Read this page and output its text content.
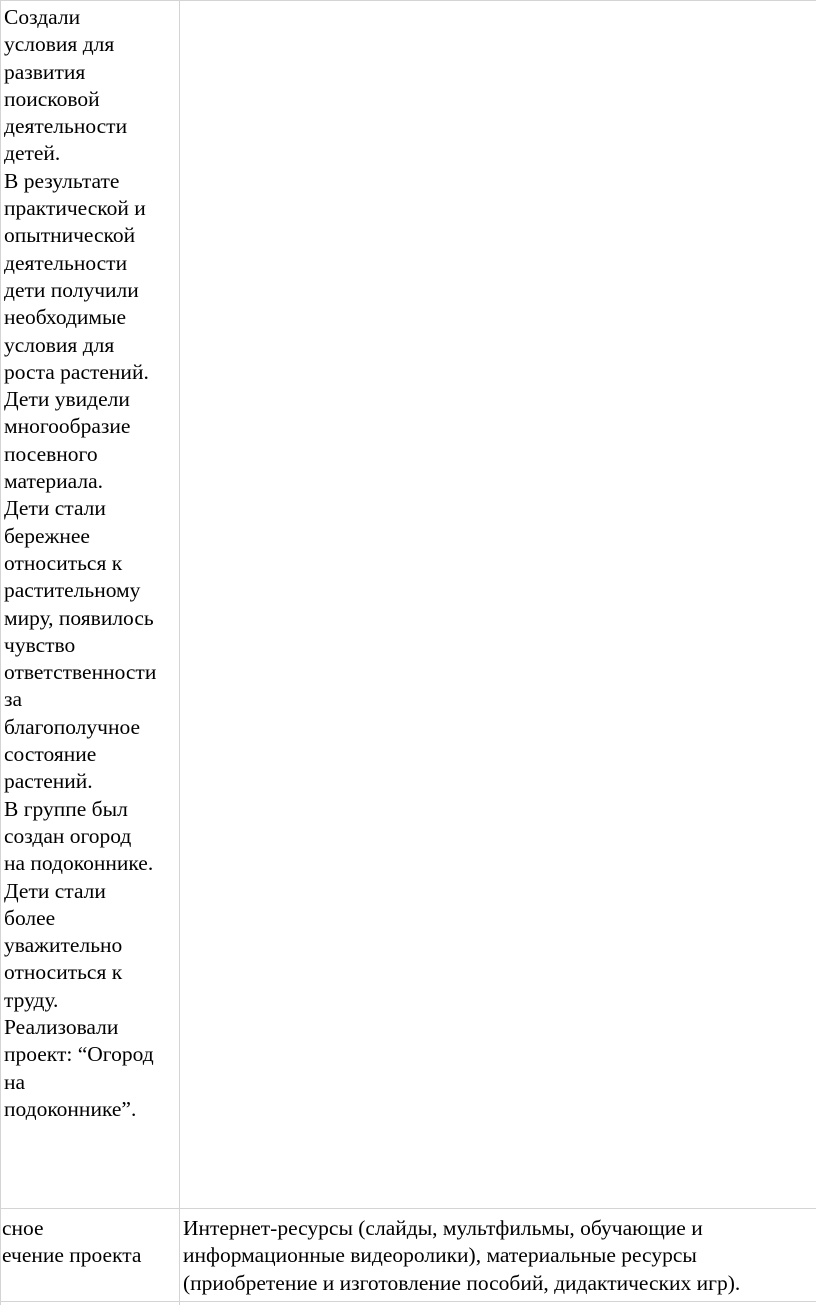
Создали
условия для
развития
поисковой
деятельности
детей.
В результате
практической и
опытнической
деятельности
дети получили
необходимые
условия для
роста растений.
Дети увидели
многообразие
посевного
материала.
Дети стали
бережнее
относиться к
растительному
миру, появилось
чувство
ответственности
за
благополучное
состояние
растений.
В группе был
создан огород
на подоконнике.
Дети стали
более
уважительно
относиться к
труду.
Реализовали
проект: “Огород
на
подоконнике”.
сное
ечение проекта
Интернет-ресурсы (слайды, мультфильмы, обучающие и
информационные видеоролики), материальные ресурсы
(приобретение и изготовление пособий, дидактических игр).
